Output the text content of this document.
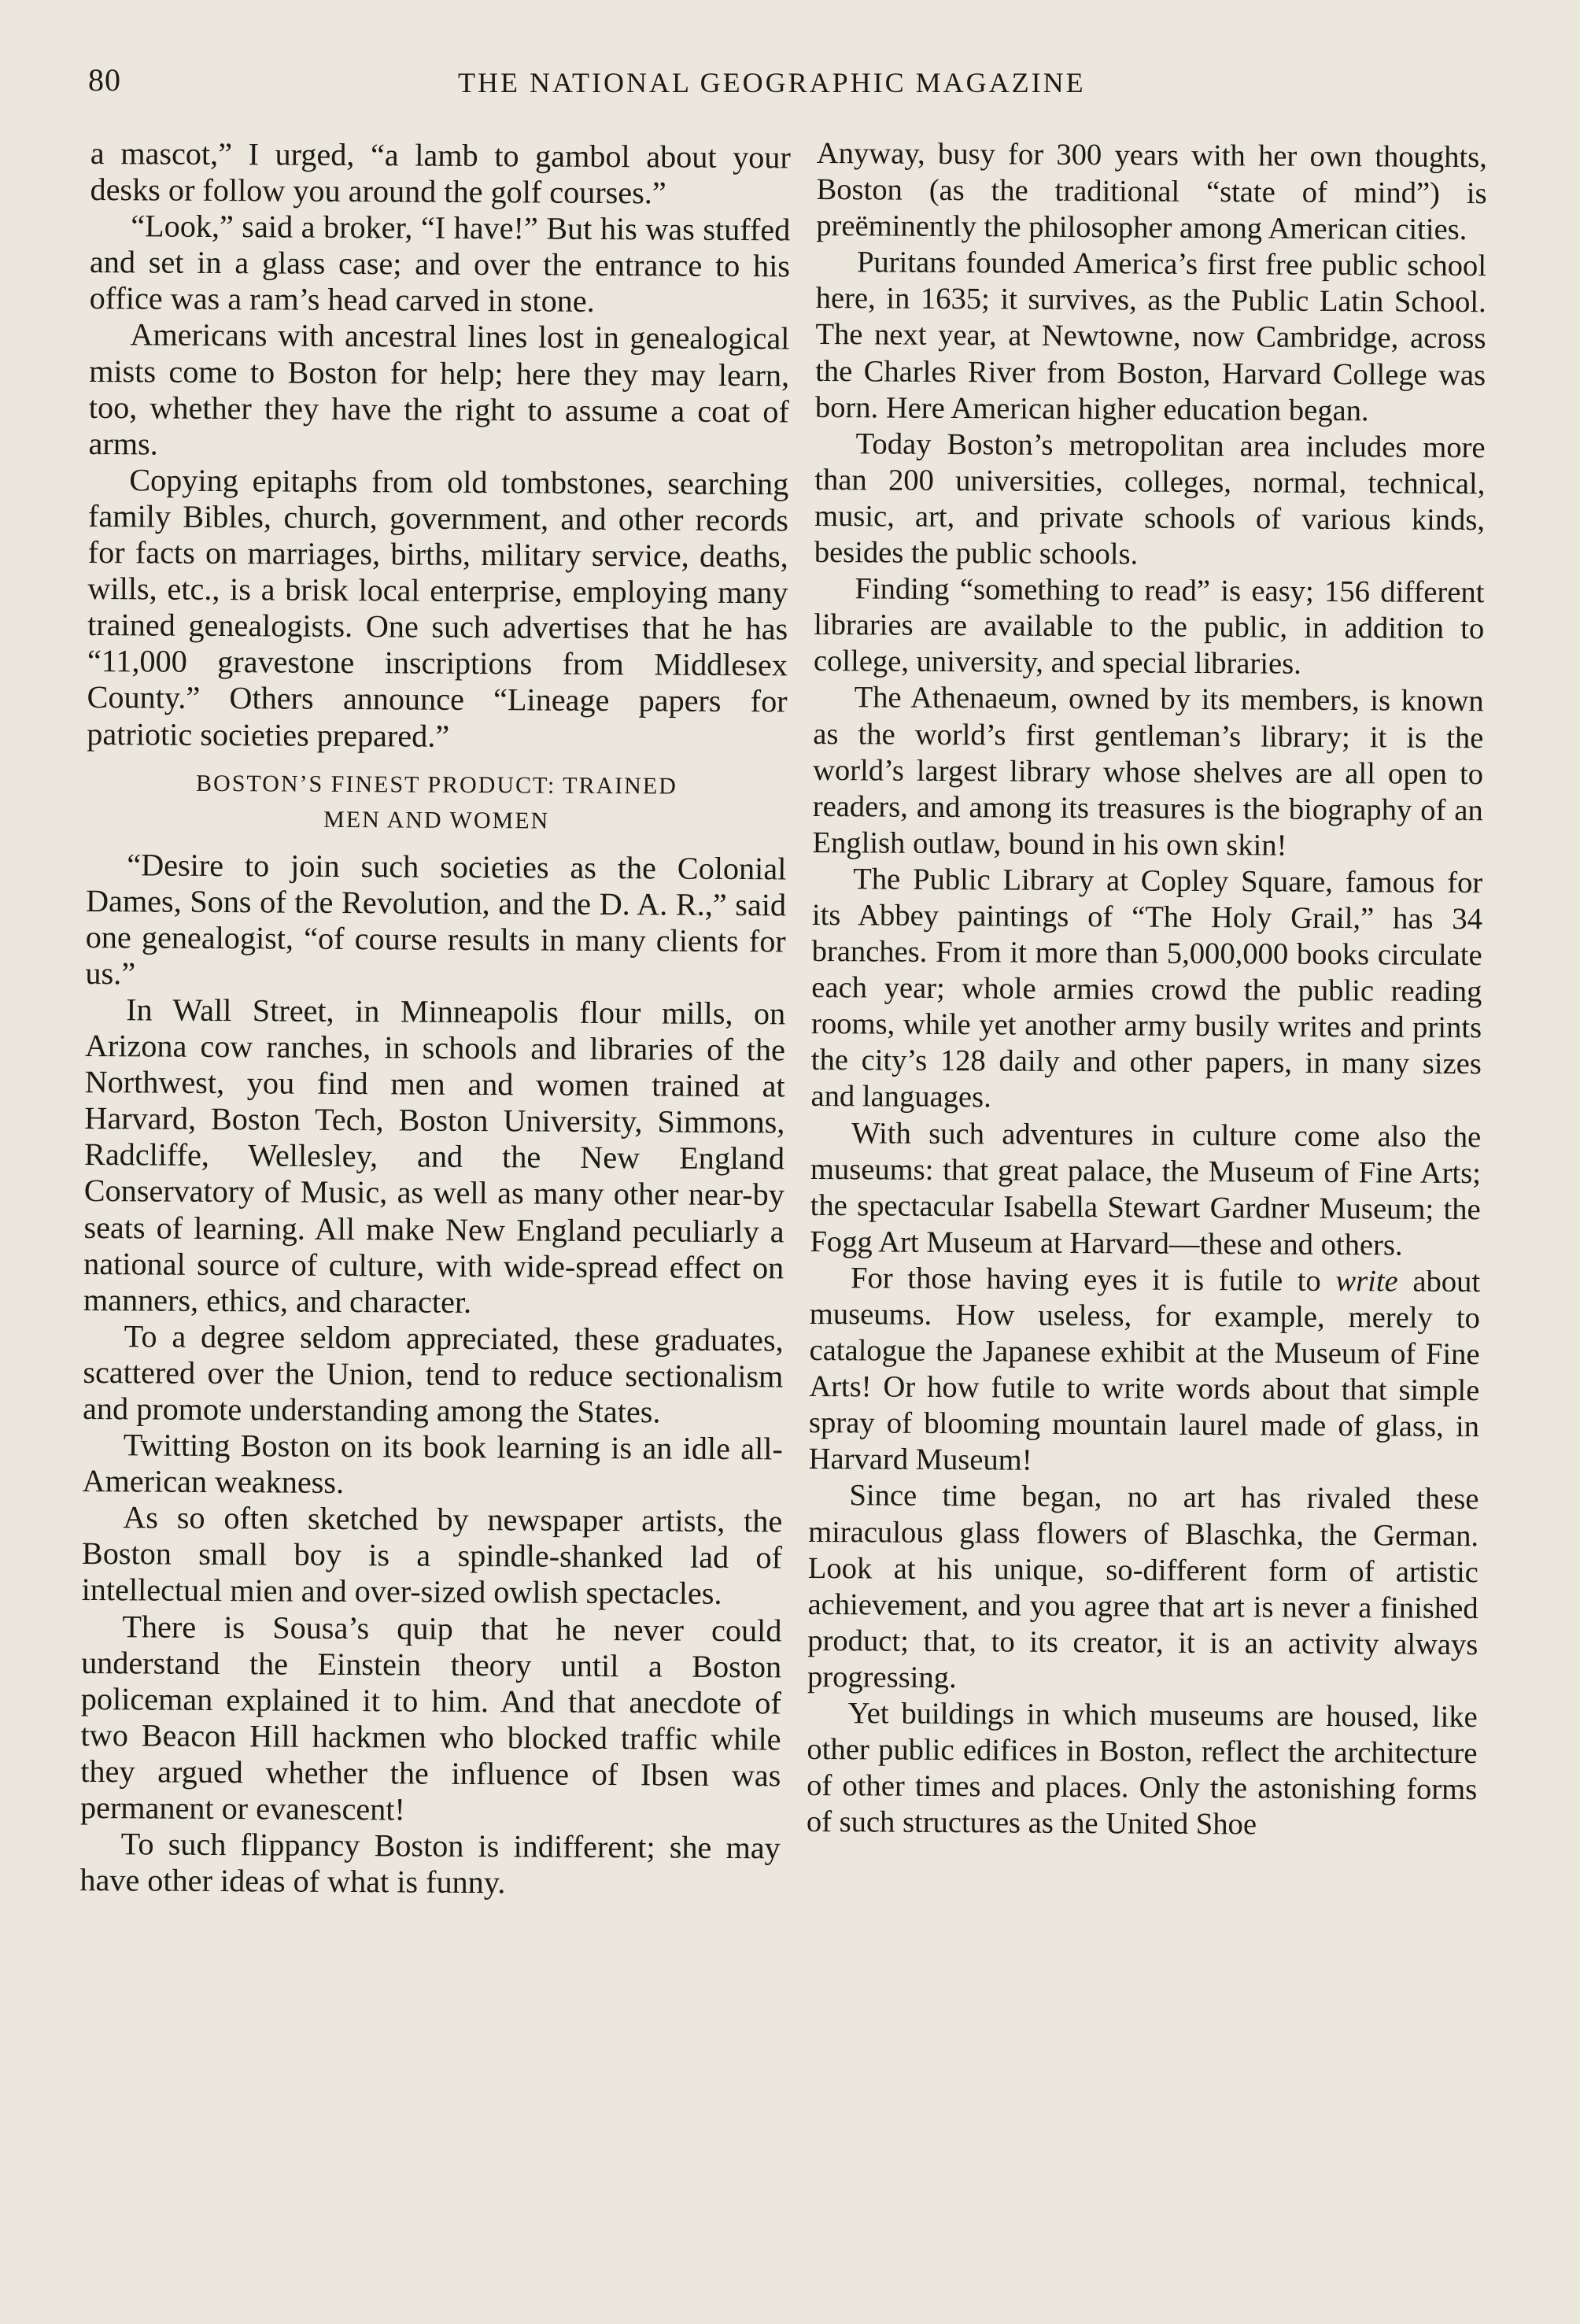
80	THE NATIONAL GEOGRAPHIC MAGAZINE

a mascot,” I urged, “a lamb to gambol about your desks or follow you around the golf courses.”

“Look,” said a broker, “I have!” But his was stuffed and set in a glass case; and over the entrance to his office was a ram’s head carved in stone.

Americans with ancestral lines lost in genealogical mists come to Boston for help; here they may learn, too, whether they have the right to assume a coat of arms.

Copying epitaphs from old tombstones, searching family Bibles, church, government, and other records for facts on marriages, births, military service, deaths, wills, etc., is a brisk local enterprise, employing many trained genealogists. One such advertises that he has “11,000 gravestone inscriptions from Middlesex County.” Others announce “Lineage papers for patriotic societies prepared.”

BOSTON’S FINEST PRODUCT: TRAINED
MEN AND WOMEN

“Desire to join such societies as the Colonial Dames, Sons of the Revolution, and the D. A. R.,” said one genealogist, “of course results in many clients for us.”

In Wall Street, in Minneapolis flour mills, on Arizona cow ranches, in schools and libraries of the Northwest, you find men and women trained at Harvard, Boston Tech, Boston University, Simmons, Radcliffe, Wellesley, and the New England Conservatory of Music, as well as many other near-by seats of learning. All make New England peculiarly a national source of culture, with wide-spread effect on manners, ethics, and character.

To a degree seldom appreciated, these graduates, scattered over the Union, tend to reduce sectionalism and promote understanding among the States.

Twitting Boston on its book learning is an idle all-American weakness.

As so often sketched by newspaper artists, the Boston small boy is a spindle-shanked lad of intellectual mien and over-sized owlish spectacles.

There is Sousa’s quip that he never could understand the Einstein theory until a Boston policeman explained it to him. And that anecdote of two Beacon Hill hackmen who blocked traffic while they argued whether the influence of Ibsen was permanent or evanescent!

To such flippancy Boston is indifferent; she may have other ideas of what is funny.

Anyway, busy for 300 years with her own thoughts, Boston (as the traditional “state of mind”) is preëminently the philosopher among American cities.

Puritans founded America’s first free public school here, in 1635; it survives, as the Public Latin School. The next year, at Newtowne, now Cambridge, across the Charles River from Boston, Harvard College was born. Here American higher education began.

Today Boston’s metropolitan area includes more than 200 universities, colleges, normal, technical, music, art, and private schools of various kinds, besides the public schools.

Finding “something to read” is easy; 156 different libraries are available to the public, in addition to college, university, and special libraries.

The Athenaeum, owned by its members, is known as the world’s first gentleman’s library; it is the world’s largest library whose shelves are all open to readers, and among its treasures is the biography of an English outlaw, bound in his own skin!

The Public Library at Copley Square, famous for its Abbey paintings of “The Holy Grail,” has 34 branches. From it more than 5,000,000 books circulate each year; whole armies crowd the public reading rooms, while yet another army busily writes and prints the city’s 128 daily and other papers, in many sizes and languages.

With such adventures in culture come also the museums: that great palace, the Museum of Fine Arts; the spectacular Isabella Stewart Gardner Museum; the Fogg Art Museum at Harvard—these and others.

For those having eyes it is futile to write about museums. How useless, for example, merely to catalogue the Japanese exhibit at the Museum of Fine Arts! Or how futile to write words about that simple spray of blooming mountain laurel made of glass, in Harvard Museum!

Since time began, no art has rivaled these miraculous glass flowers of Blaschka, the German. Look at his unique, so-different form of artistic achievement, and you agree that art is never a finished product; that, to its creator, it is an activity always progressing.

Yet buildings in which museums are housed, like other public edifices in Boston, reflect the architecture of other times and places. Only the astonishing forms of such structures as the United Shoe
